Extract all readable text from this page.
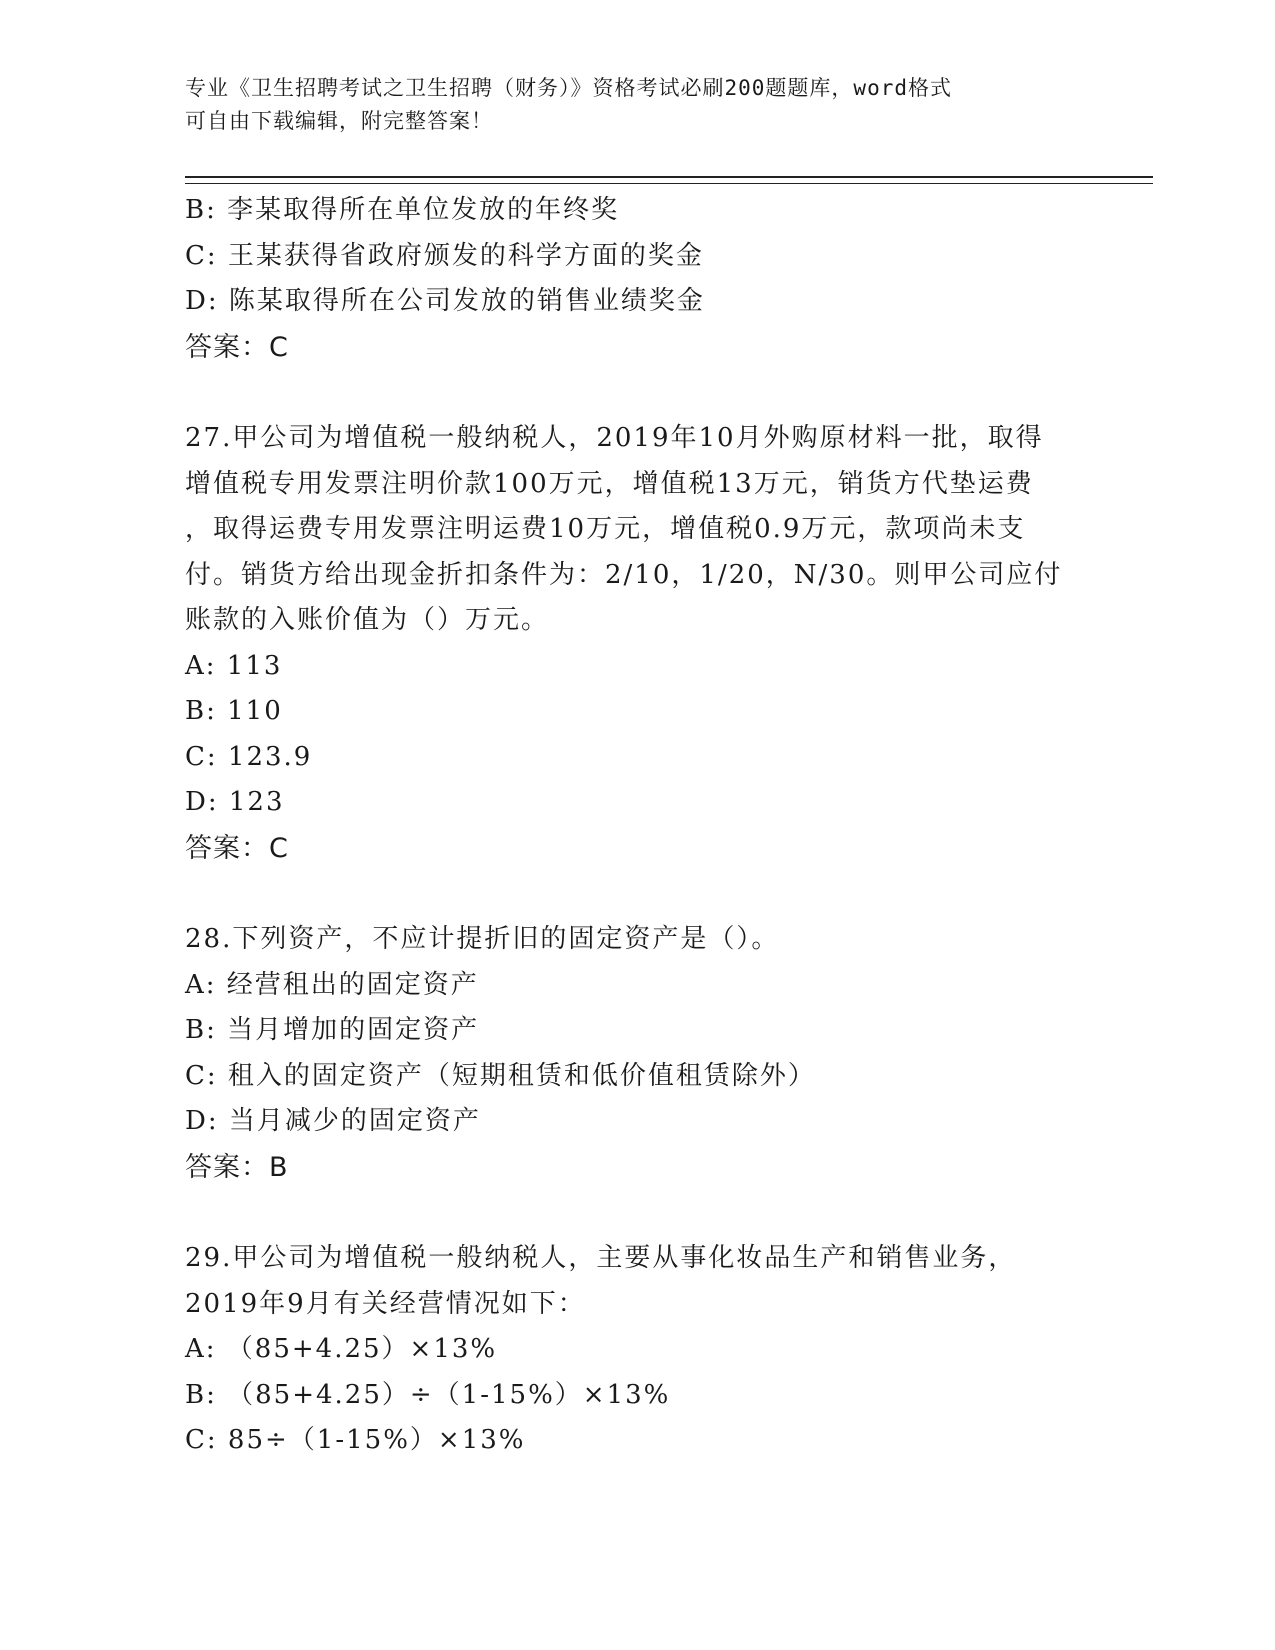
专业《卫生招聘考试之卫生招聘（财务）》资格考试必刷200题题库，word格式
可自由下载编辑，附完整答案！
B: 李某取得所在单位发放的年终奖
C: 王某获得省政府颁发的科学方面的奖金
D: 陈某取得所在公司发放的销售业绩奖金
答案：C
27.甲公司为增值税一般纳税人，2019年10月外购原材料一批，取得
增值税专用发票注明价款100万元，增值税13万元，销货方代垫运费
，取得运费专用发票注明运费10万元，增值税0.9万元，款项尚未支
付。销货方给出现金折扣条件为：2/10，1/20，N/30。则甲公司应付
账款的入账价值为（）万元。
A: 113
B: 110
C: 123.9
D: 123
答案：C
28.下列资产，不应计提折旧的固定资产是（）。
A: 经营租出的固定资产
B: 当月增加的固定资产
C: 租入的固定资产（短期租赁和低价值租赁除外）
D: 当月减少的固定资产
答案：B
29.甲公司为增值税一般纳税人，主要从事化妆品生产和销售业务，
2019年9月有关经营情况如下：
A: （85+4.25）×13%
B: （85+4.25）÷（1-15%）×13%
C: 85÷（1-15%）×13%
